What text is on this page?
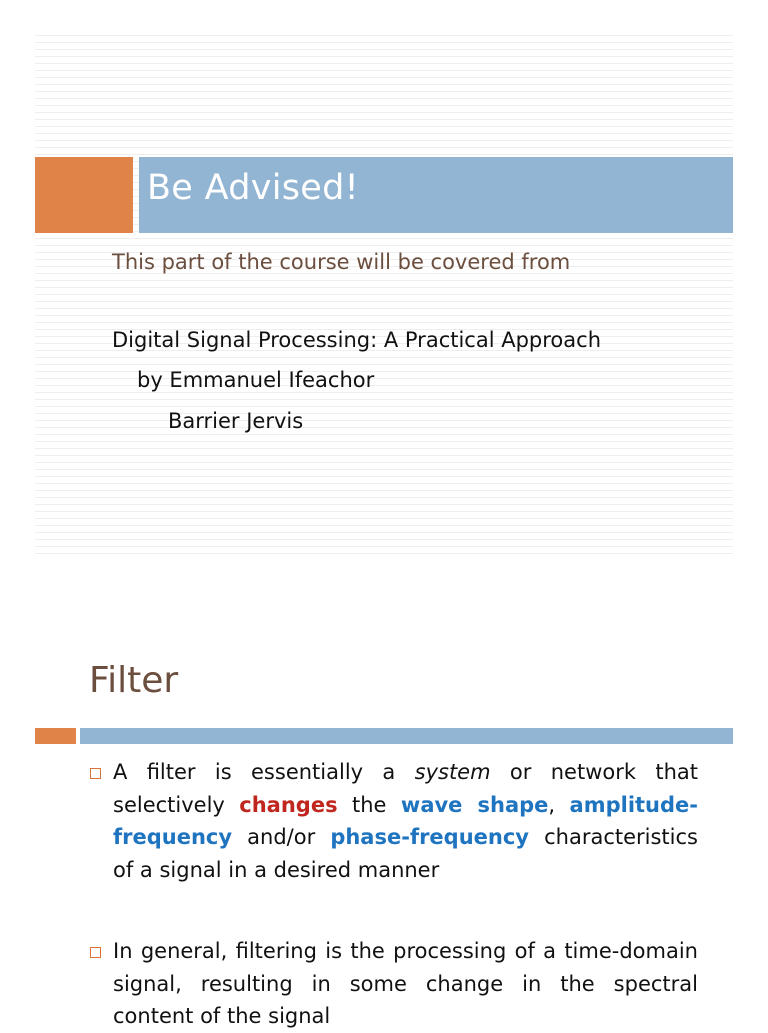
Be Advised!
This part of the course will be covered from
Digital Signal Processing: A Practical Approach
by Emmanuel Ifeachor
Barrier Jervis
Filter
A filter is essentially a system or network that selectively changes the wave shape, amplitude-frequency and/or phase-frequency characteristics of a signal in a desired manner
In general, filtering is the processing of a time-domain signal, resulting in some change in the spectral content of the signal
